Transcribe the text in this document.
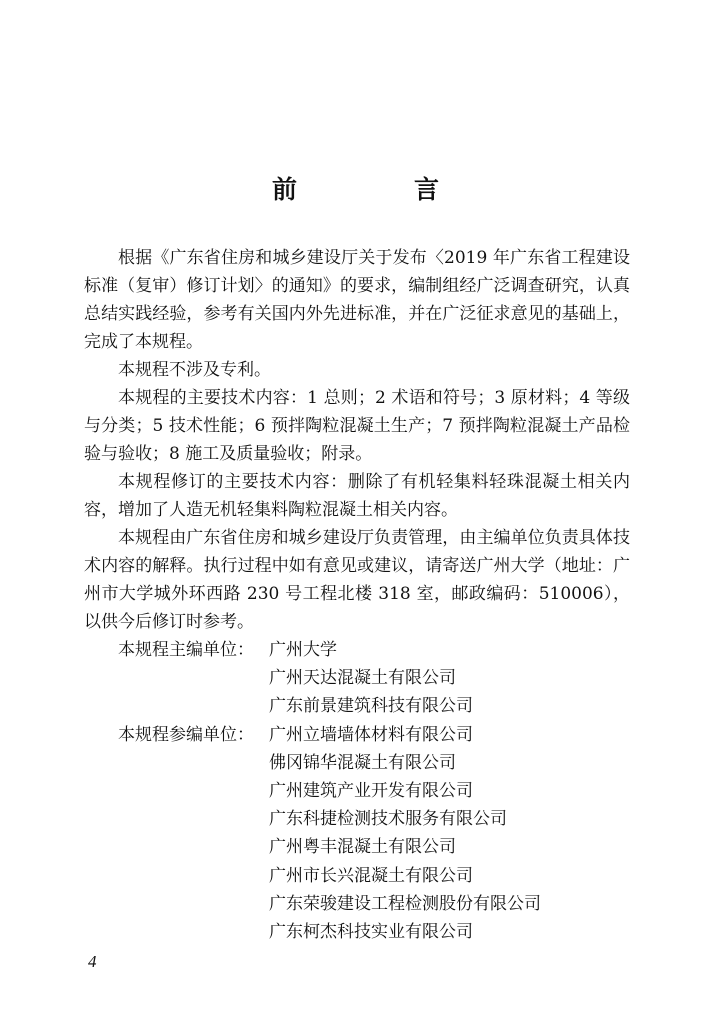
前　言

根据《广东省住房和城乡建设厅关于发布〈2019 年广东省工程建设标准（复审）修订计划〉的通知》的要求，编制组经广泛调查研究，认真总结实践经验，参考有关国内外先进标准，并在广泛征求意见的基础上，完成了本规程。

本规程不涉及专利。

本规程的主要技术内容：1 总则；2 术语和符号；3 原材料；4 等级与分类；5 技术性能；6 预拌陶粒混凝土生产；7 预拌陶粒混凝土产品检验与验收；8 施工及质量验收；附录。

本规程修订的主要技术内容：删除了有机轻集料轻珠混凝土相关内容，增加了人造无机轻集料陶粒混凝土相关内容。

本规程由广东省住房和城乡建设厅负责管理，由主编单位负责具体技术内容的解释。执行过程中如有意见或建议，请寄送广州大学（地址：广州市大学城外环西路 230 号工程北楼 318 室，邮政编码：510006），以供今后修订时参考。

本规程主编单位： 广州大学
广州天达混凝土有限公司
广东前景建筑科技有限公司
本规程参编单位： 广州立墙墙体材料有限公司
佛冈锦华混凝土有限公司
广州建筑产业开发有限公司
广东科捷检测技术服务有限公司
广州粤丰混凝土有限公司
广州市长兴混凝土有限公司
广东荣骏建设工程检测股份有限公司
广东柯杰科技实业有限公司
4
